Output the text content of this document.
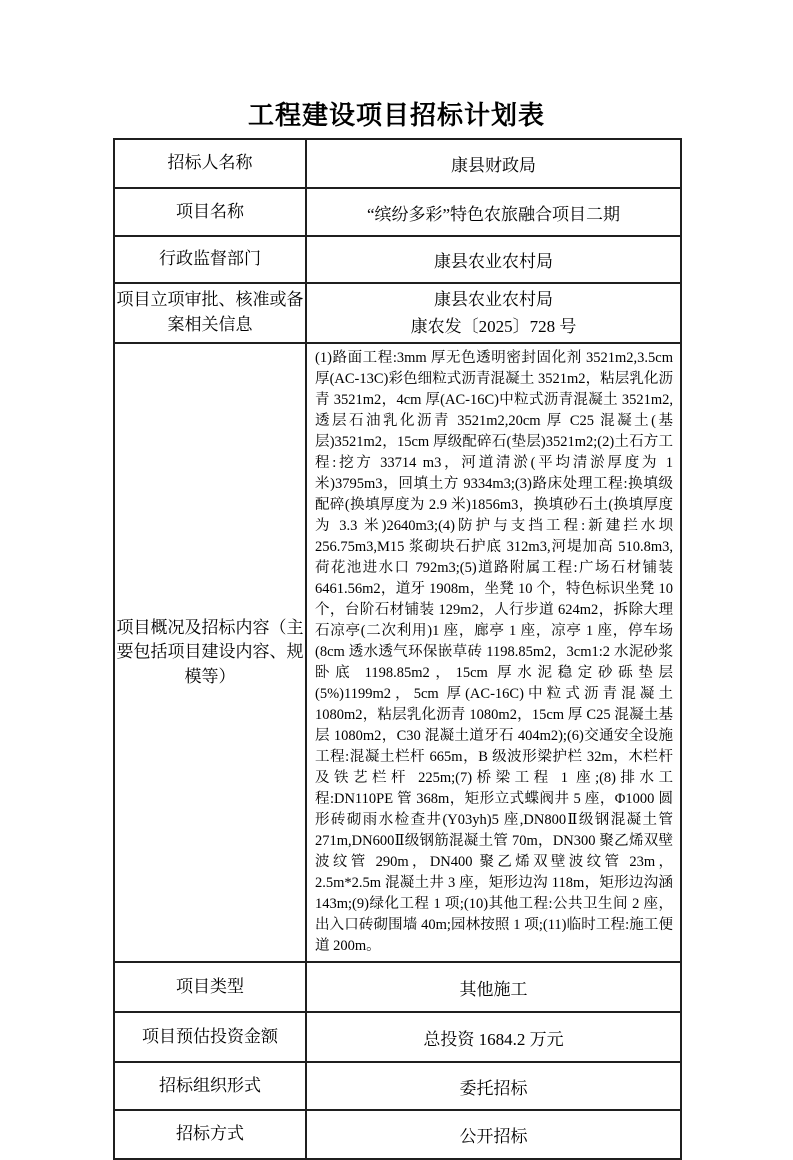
工程建设项目招标计划表
招标人名称	康县财政局
项目名称	“缤纷多彩”特色农旅融合项目二期
行政监督部门	康县农业农村局
项目立项审批、核准或备案相关信息	康县农业农村局
康农发〔2025〕728 号

项目概况及招标内容（主要包括项目建设内容、规模等）	(1)路面工程:3mm 厚无色透明密封固化剂 3521m2,3.5cm 厚(AC-13C)彩色细粒式沥青混凝土 3521m2，粘层乳化沥青 3521m2，4cm 厚(AC-16C)中粒式沥青混凝土 3521m2,透层石油乳化沥青 3521m2,20cm 厚 C25 混凝土(基层)3521m2，15cm 厚级配碎石(垫层)3521m2;(2)土石方工程:挖方 33714 m3，河道清淤(平均清淤厚度为 1 米)3795m3，回填土方 9334m3;(3)路床处理工程:换填级配碎(换填厚度为 2.9 米)1856m3，换填砂石土(换填厚度为 3.3 米)2640m3;(4)防护与支挡工程:新建拦水坝 256.75m3,M15 浆砌块石护底 312m3,河堤加高 510.8m3,荷花池进水口 792m3;(5)道路附属工程:广场石材铺装 6461.56m2，道牙 1908m，坐凳 10 个，特色标识坐凳 10 个，台阶石材铺装 129m2，人行步道 624m2，拆除大理石凉亭(二次利用)1 座，廊亭 1 座，凉亭 1 座，停车场(8cm 透水透气环保嵌草砖 1198.85m2，3cm1:2 水泥砂浆卧底 1198.85m2，15cm 厚水泥稳定砂砾垫层(5%)1199m2，5cm 厚(AC-16C)中粒式沥青混凝土 1080m2，粘层乳化沥青 1080m2，15cm 厚 C25 混凝土基层 1080m2，C30 混凝土道牙石 404m2);(6)交通安全设施工程:混凝土栏杆 665m，B 级波形梁护栏 32m，木栏杆及铁艺栏杆 225m;(7)桥梁工程 1 座;(8)排水工程:DN110PE 管 368m，矩形立式蝶阀井 5 座，Φ1000 圆形砖砌雨水检查井(Y03yh)5 座,DN800Ⅱ级钢混凝土管 271m,DN600Ⅱ级钢筋混凝土管 70m，DN300 聚乙烯双壁波纹管 290m，DN400 聚乙烯双壁波纹管 23m，2.5m*2.5m 混凝土井 3 座，矩形边沟 118m，矩形边沟涵 143m;(9)绿化工程 1 项;(10)其他工程:公共卫生间 2 座，出入口砖砌围墙 40m;园林按照 1 项;(11)临时工程:施工便道 200m。
项目类型	其他施工
项目预估投资金额	总投资 1684.2 万元
招标组织形式	委托招标
招标方式	公开招标
